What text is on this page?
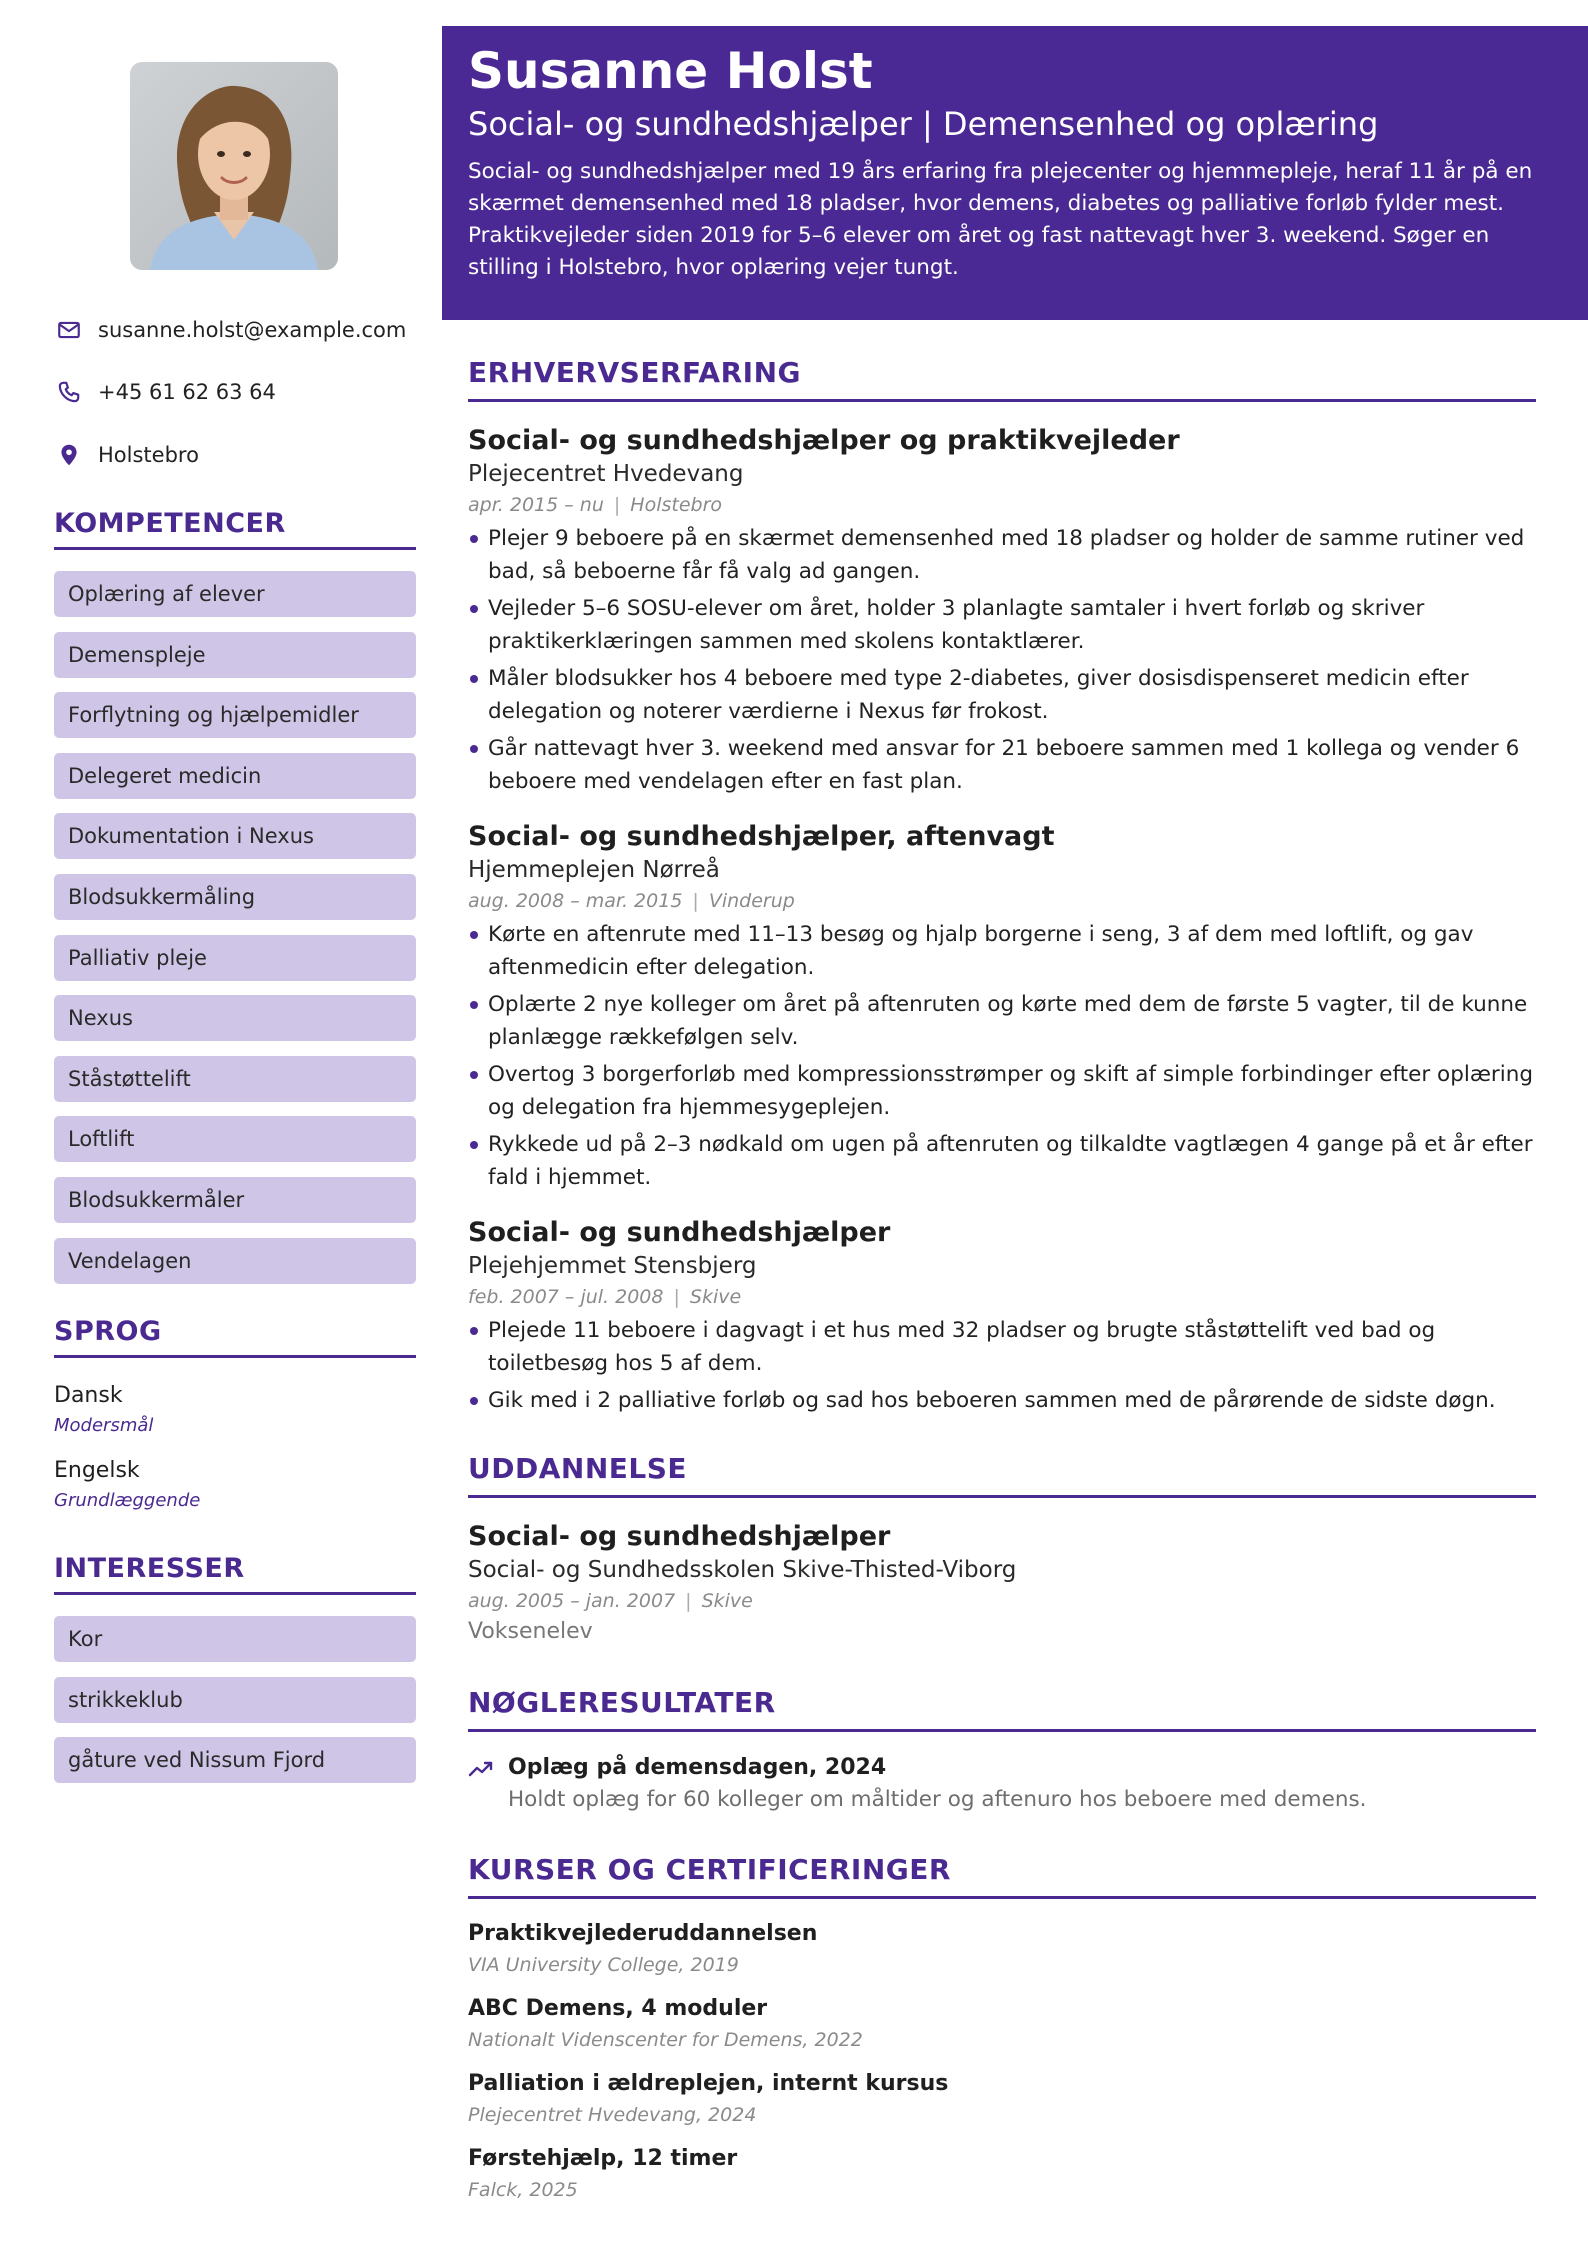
susanne.holst@example.com
+45 61 62 63 64
Holstebro
KOMPETENCER
Oplæring af elever
Demenspleje
Forflytning og hjælpemidler
Delegeret medicin
Dokumentation i Nexus
Blodsukkermåling
Palliativ pleje
Nexus
Ståstøttelift
Loftlift
Blodsukkermåler
Vendelagen
SPROG
Dansk
Modersmål
Engelsk
Grundlæggende
INTERESSER
Kor
strikkeklub
gåture ved Nissum Fjord
Susanne Holst
Social- og sundhedshjælper | Demensenhed og oplæring
Social- og sundhedshjælper med 19 års erfaring fra plejecenter og hjemmepleje, heraf 11 år på en skærmet demensenhed med 18 pladser, hvor demens, diabetes og palliative forløb fylder mest. Praktikvejleder siden 2019 for 5–6 elever om året og fast nattevagt hver 3. weekend. Søger en stilling i Holstebro, hvor oplæring vejer tungt.
ERHVERVSERFARING
Social- og sundhedshjælper og praktikvejleder
Plejecentret Hvedevang
apr. 2015 – nu | Holstebro
Plejer 9 beboere på en skærmet demensenhed med 18 pladser og holder de samme rutiner ved bad, så beboerne får få valg ad gangen.
Vejleder 5–6 SOSU-elever om året, holder 3 planlagte samtaler i hvert forløb og skriver praktikerklæringen sammen med skolens kontaktlærer.
Måler blodsukker hos 4 beboere med type 2-diabetes, giver dosisdispenseret medicin efter delegation og noterer værdierne i Nexus før frokost.
Går nattevagt hver 3. weekend med ansvar for 21 beboere sammen med 1 kollega og vender 6 beboere med vendelagen efter en fast plan.
Social- og sundhedshjælper, aftenvagt
Hjemmeplejen Nørreå
aug. 2008 – mar. 2015 | Vinderup
Kørte en aftenrute med 11–13 besøg og hjalp borgerne i seng, 3 af dem med loftlift, og gav aftenmedicin efter delegation.
Oplærte 2 nye kolleger om året på aftenruten og kørte med dem de første 5 vagter, til de kunne planlægge rækkefølgen selv.
Overtog 3 borgerforløb med kompressionsstrømper og skift af simple forbindinger efter oplæring og delegation fra hjemmesygeplejen.
Rykkede ud på 2–3 nødkald om ugen på aftenruten og tilkaldte vagtlægen 4 gange på et år efter fald i hjemmet.
Social- og sundhedshjælper
Plejehjemmet Stensbjerg
feb. 2007 – jul. 2008 | Skive
Plejede 11 beboere i dagvagt i et hus med 32 pladser og brugte ståstøttelift ved bad og toiletbesøg hos 5 af dem.
Gik med i 2 palliative forløb og sad hos beboeren sammen med de pårørende de sidste døgn.
UDDANNELSE
Social- og sundhedshjælper
Social- og Sundhedsskolen Skive-Thisted-Viborg
aug. 2005 – jan. 2007 | Skive
Voksenelev
NØGLERESULTATER
Oplæg på demensdagen, 2024
Holdt oplæg for 60 kolleger om måltider og aftenuro hos beboere med demens.
KURSER OG CERTIFICERINGER
Praktikvejlederuddannelsen
VIA University College, 2019
ABC Demens, 4 moduler
Nationalt Videnscenter for Demens, 2022
Palliation i ældreplejen, internt kursus
Plejecentret Hvedevang, 2024
Førstehjælp, 12 timer
Falck, 2025
